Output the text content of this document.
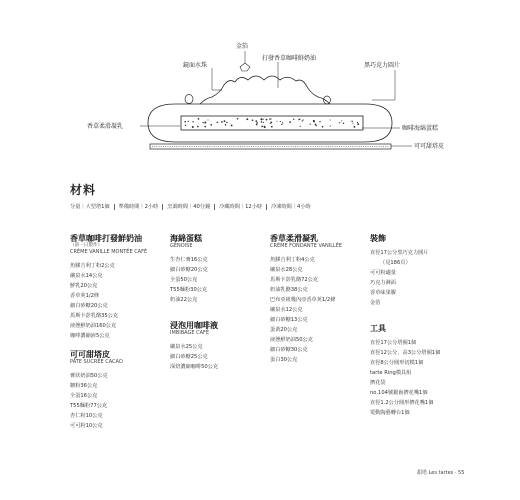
金箔
鏡面水珠
打發香草咖啡鮮奶油
黑巧克力圓片
香草柔滑凝乳	咖啡海綿蛋糕
可可甜塔皮
材料
分量｜大型塔1個 準備時間｜2小時 烹調時間｜40分鐘 冷藏時間｜12小時 冷凍時間｜4小時
香草咖啡打發鮮奶油
（前一日製作）
CRÈME VANILLE MONTÉE CAFÉ
魚膠吉利丁粉2公克
礦泉水14公克
鮮乳20公克
香草莢1/2條
細白砂糖20公克
馬斯卡彭乳酪35公克
液態鮮奶油160公克
咖啡濃縮液5公克
可可甜塔皮
PÂTE SUCRÉE CACAO
膏狀奶油50公克
糖粉36公克
全蛋16公克
T55麵粉77公克
杏仁粉10公克
可可粉10公克
海綿蛋糕
GÉNOISE
生杏仁膏16公克
細白砂糖20公克
全蛋50公克
T55麵粉30公克
奶油22公克
浸泡用咖啡液
IMBIBAGE CAFÉ
礦泉水25公克
細白砂糖25公克
深焙濃縮咖啡50公克
香草柔滑凝乳
CRÈME FONDANTE VANILLÉE
魚膠吉利丁粉4公克
礦泉水28公克
馬斯卡彭乳酪72公克
奶油乳酪38公克
巴布亞紐幾內亞香草莢1/2條
礦泉水12公克
細白砂糖13公克
蛋黃20公克
液態鮮奶油50公克
細白砂糖30公克
蛋白30公克
裝飾
直徑17公分黑巧克力圓片
（見186頁）
可可粉適量
巧克力淋面
香草味果膠
金箔
工具
直徑17公分塔圈1個
直徑12公分、高3公分塔圈1個
直徑8公分圓形切模1個
tarte Ring模具組
擠花袋
no.104號鋸齒擠花嘴1個
直徑1.2公分圓形擠花嘴1個
電動陶藝轉台1個
甜塔 Les tartes · 55
